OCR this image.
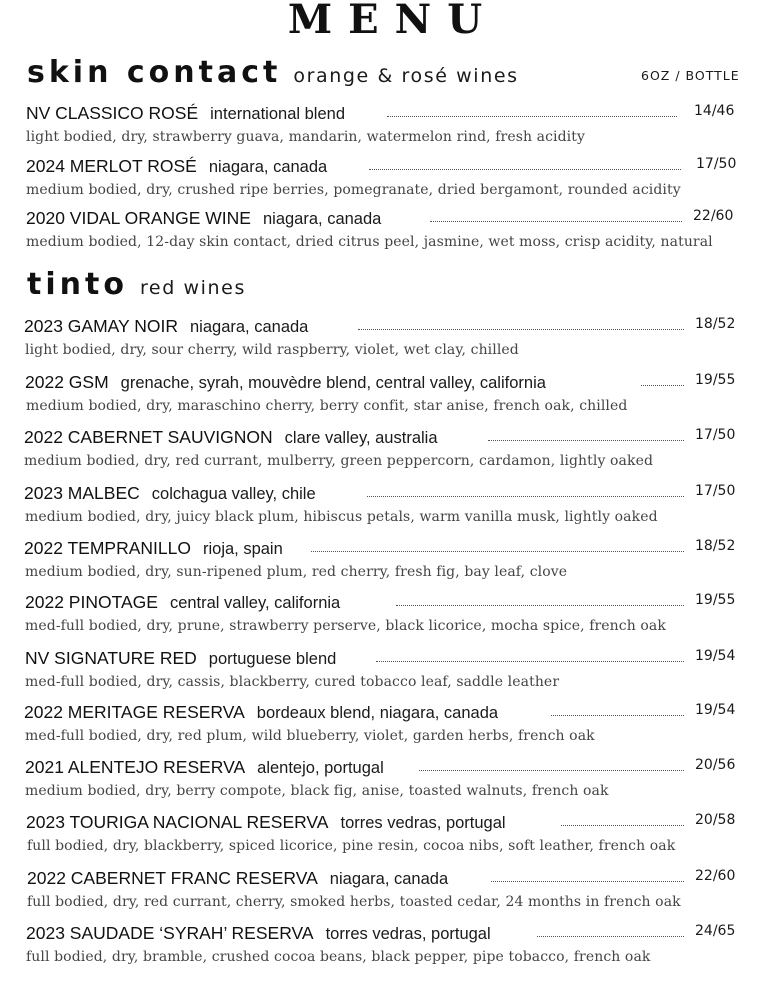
MENU
skin contact orange & rosé wines	6OZ / BOTTLE
NV CLASSICO ROSÉ international blend	14/46
light bodied, dry, strawberry guava, mandarin, watermelon rind, fresh acidity
2024 MERLOT ROSÉ niagara, canada	17/50
medium bodied, dry, crushed ripe berries, pomegranate, dried bergamont, rounded acidity
2020 VIDAL ORANGE WINE niagara, canada	22/60
medium bodied, 12-day skin contact, dried citrus peel, jasmine, wet moss, crisp acidity, natural
tinto red wines
2023 GAMAY NOIR niagara, canada	18/52
light bodied, dry, sour cherry, wild raspberry, violet, wet clay, chilled
2022 GSM grenache, syrah, mouvèdre blend, central valley, california	19/55
medium bodied, dry, maraschino cherry, berry confit, star anise, french oak, chilled
2022 CABERNET SAUVIGNON clare valley, australia	17/50
medium bodied, dry, red currant, mulberry, green peppercorn, cardamon, lightly oaked
2023 MALBEC colchagua valley, chile	17/50
medium bodied, dry, juicy black plum, hibiscus petals, warm vanilla musk, lightly oaked
2022 TEMPRANILLO rioja, spain	18/52
medium bodied, dry, sun-ripened plum, red cherry, fresh fig, bay leaf, clove
2022 PINOTAGE central valley, california	19/55
med-full bodied, dry, prune, strawberry perserve, black licorice, mocha spice, french oak
NV SIGNATURE RED portuguese blend	19/54
med-full bodied, dry, cassis, blackberry, cured tobacco leaf, saddle leather
2022 MERITAGE RESERVA bordeaux blend, niagara, canada	19/54
med-full bodied, dry, red plum, wild blueberry, violet, garden herbs, french oak
2021 ALENTEJO RESERVA alentejo, portugal	20/56
medium bodied, dry, berry compote, black fig, anise, toasted walnuts, french oak
2023 TOURIGA NACIONAL RESERVA torres vedras, portugal	20/58
full bodied, dry, blackberry, spiced licorice, pine resin, cocoa nibs, soft leather, french oak
2022 CABERNET FRANC RESERVA niagara, canada	22/60
full bodied, dry, red currant, cherry, smoked herbs, toasted cedar, 24 months in french oak
2023 SAUDADE ‘SYRAH’ RESERVA torres vedras, portugal	24/65
full bodied, dry, bramble, crushed cocoa beans, black pepper, pipe tobacco, french oak
